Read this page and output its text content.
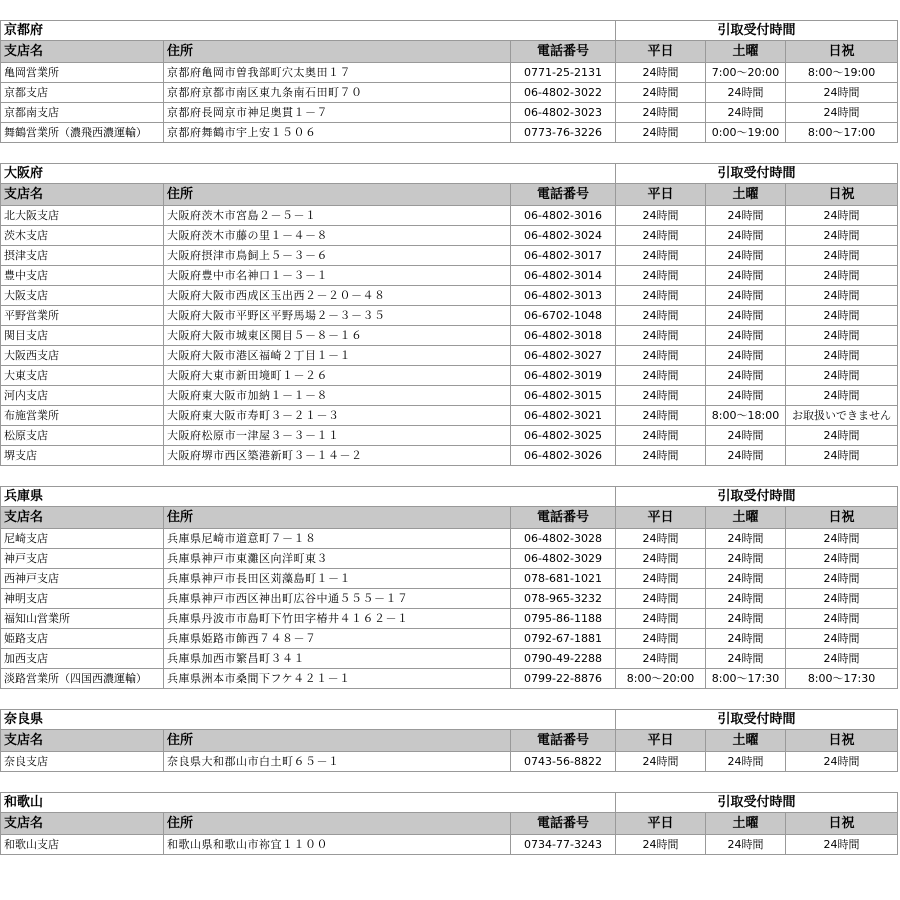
京都府			引取受付時間		
支店名	住所	電話番号	平日	土曜	日祝
亀岡営業所	京都府亀岡市曽我部町穴太奥田１７	0771-25-2131	24時間	7:00～20:00	8:00～19:00
京都支店	京都府京都市南区東九条南石田町７０	06-4802-3022	24時間	24時間	24時間
京都南支店	京都府長岡京市神足奥貫１－７	06-4802-3023	24時間	24時間	24時間
舞鶴営業所（濃飛西濃運輸）	京都府舞鶴市宇上安１５０６	0773-76-3226	24時間	0:00～19:00	8:00～17:00
大阪府			引取受付時間		
支店名	住所	電話番号	平日	土曜	日祝
北大阪支店	大阪府茨木市宮島２－５－１	06-4802-3016	24時間	24時間	24時間
茨木支店	大阪府茨木市藤の里１－４－８	06-4802-3024	24時間	24時間	24時間
摂津支店	大阪府摂津市鳥飼上５－３－６	06-4802-3017	24時間	24時間	24時間
豊中支店	大阪府豊中市名神口１－３－１	06-4802-3014	24時間	24時間	24時間
大阪支店	大阪府大阪市西成区玉出西２－２０－４８	06-4802-3013	24時間	24時間	24時間
平野営業所	大阪府大阪市平野区平野馬場２－３－３５	06-6702-1048	24時間	24時間	24時間
関目支店	大阪府大阪市城東区関目５－８－１６	06-4802-3018	24時間	24時間	24時間
大阪西支店	大阪府大阪市港区福崎２丁目１－１	06-4802-3027	24時間	24時間	24時間
大東支店	大阪府大東市新田境町１－２６	06-4802-3019	24時間	24時間	24時間
河内支店	大阪府東大阪市加納１－１－８	06-4802-3015	24時間	24時間	24時間
布施営業所	大阪府東大阪市寿町３－２１－３	06-4802-3021	24時間	8:00～18:00	お取扱いできません
松原支店	大阪府松原市一津屋３－３－１１	06-4802-3025	24時間	24時間	24時間
堺支店	大阪府堺市西区築港新町３－１４－２	06-4802-3026	24時間	24時間	24時間
兵庫県			引取受付時間		
支店名	住所	電話番号	平日	土曜	日祝
尼崎支店	兵庫県尼崎市道意町７－１８	06-4802-3028	24時間	24時間	24時間
神戸支店	兵庫県神戸市東灘区向洋町東３	06-4802-3029	24時間	24時間	24時間
西神戸支店	兵庫県神戸市長田区苅藻島町１－１	078-681-1021	24時間	24時間	24時間
神明支店	兵庫県神戸市西区神出町広谷中通５５５－１７	078-965-3232	24時間	24時間	24時間
福知山営業所	兵庫県丹波市市島町下竹田字椿井４１６２－１	0795-86-1188	24時間	24時間	24時間
姫路支店	兵庫県姫路市飾西７４８－７	0792-67-1881	24時間	24時間	24時間
加西支店	兵庫県加西市繁昌町３４１	0790-49-2288	24時間	24時間	24時間
淡路営業所（四国西濃運輸）	兵庫県洲本市桑間下フケ４２１－１	0799-22-8876	8:00～20:00	8:00～17:30	8:00～17:30
奈良県			引取受付時間		
支店名	住所	電話番号	平日	土曜	日祝
奈良支店	奈良県大和郡山市白土町６５－１	0743-56-8822	24時間	24時間	24時間
和歌山			引取受付時間		
支店名	住所	電話番号	平日	土曜	日祝
和歌山支店	和歌山県和歌山市祢宜１１００	0734-77-3243	24時間	24時間	24時間
